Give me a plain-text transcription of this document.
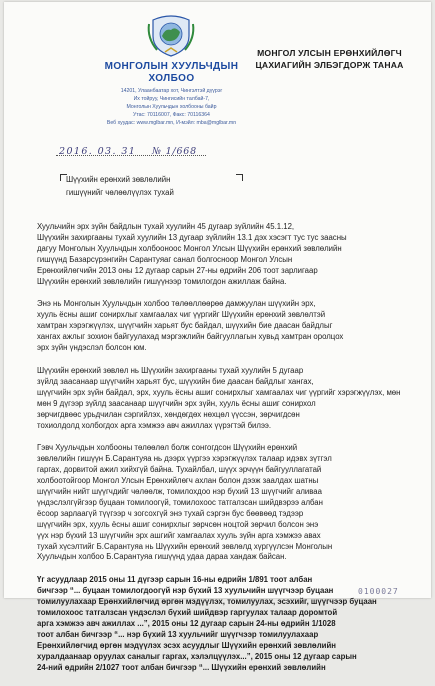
МОНГОЛЫН ХУУЛЬЧДЫН
ХОЛБОО
14201, Улаанбаатар хот, Чингэлтэй дүүрэг
Их тойруу, Чингисийн талбай-7,
Монголын Хуульчдын холбооны байр
Утас: 70116007, Факс: 70116364
Веб хуудас: www.mglbar.mn, И-мэйл: mba@mglbar.mn
МОНГОЛ УЛСЫН ЕРӨНХИЙЛӨГЧ
ЦАХИАГИЙН ЭЛБЭГДОРЖ ТАНАА
2016. 03. 31 № 1/668
Шүүхийн ерөнхий зөвлөлийн
гишүүнийг чөлөөлүүлэх тухай
Хуульчийн эрх зүйн байдлын тухай хуулийн 45 дугаар зүйлийн 45.1.12,
Шүүхийн захиргааны тухай хуулийн 13 дугаар зүйлийн 13.1 дэх хэсэгт тус тус заасны
дагуу Монголын Хуульчдын холбооноос Монгол Улсын Шүүхийн ерөнхий зөвлөлийн
гишүүнд Базарсүрэнгийн Сарантуяаг санал болгосноор Монгол Улсын
Ерөнхийлөгчийн 2013 оны 12 дугаар сарын 27-ны өдрийн 206 тоот зарлигаар
Шүүхийн ерөнхий зөвлөлийн гишүүнээр томилогдон ажиллаж байна.
Энэ нь Монголын Хуульчдын холбоо төлөөллөөрөө дамжуулан шүүхийн эрх,
хууль ёсны ашиг сонирхлыг хамгаалах чиг үүргийг Шүүхийн ерөнхий зөвлөлтэй
хамтран хэрэгжүүлэх, шүүгчийн харьят бус байдал, шүүхийн бие даасан байдлыг
хангах ажлыг зохион байгуулахад мэргэжлийн байгууллагын хувьд хамтран оролцох
эрх зүйн үндэслэл болсон юм.
Шүүхийн ерөнхий зөвлөл нь Шүүхийн захиргааны тухай хуулийн 5 дугаар
зүйлд заасанаар шүүгчийн харьят бус, шүүхийн бие даасан байдлыг хангах,
шүүгчийн эрх зүйн байдал, эрх, хууль ёсны ашиг сонирхлыг хамгаалах чиг үүргийг хэрэгжүүлэх, мөн
мөн 9 дүгээр зүйлд заасанаар шүүгчийн эрх зүйн, хууль ёсны ашиг сонирхол
зөрчигдвөөс урьдчилан сэргийлэх, хөндөгдөх нөхцөл үүссэн, зөрчигдсөн
тохиолдолд холбогдох арга хэмжээ авч ажиллах үүрэгтэй билээ.
Гэвч Хуульчдын холбооны төлөөлөл болж сонгогдсон Шүүхийн ерөнхий
зөвлөлийн гишүүн Б.Сарантуяа нь дээрх үүргээ хэрэгжүүлэх талаар идэвх зүтгэл
гаргах, дорвитой ажил хийхгүй байна. Тухайлбал, шүүх эрчүүн байгууллагатай
холбоотойгоор Монгол Улсын Ерөнхийлөгч ахлан болон дээж заалдах шатны
шүүгчийн нийт шүүгчдийг чөлөөлж, томилохдоо нэр бүхий 13 шүүгчийг аливаа
үндэслэлгүйгээр буцаан томилоогүй, томилохоос татгалзсан шийдвэрээ албан
ёсоор зарлаагүй түүгээр ч зогсохгүй энэ тухай сэргэн бус бөөвөөд тэдээр
шүүгчийн эрх, хууль ёсны ашиг сонирхлыг зөрчсөн ноцтой зөрчил болсон энэ
үүх нэр бүхий 13 шүүгчийн эрх ашгийг хамгаалах хууль зүйн арга хэмжээ авах
тухай хүсэлтийг Б.Сарантуяа нь Шүүхийн ерөнхий зөвлөлд хүргүүлсэн Монголын
Хуульчдын холбоо Б.Сарантуяа гишүүнд удаа дараа хандаж байсан.
Үг асуудлаар 2015 оны 11 дүгээр сарын 16-ны өдрийн 1/891 тоот албан
бичгээр “... буцаан томилогдоогүй нэр бүхий 13 хуульчийн шүүгчээр буцаан
томилуулахаар Ерөнхийлөгчид өргөн мэдүүлэх, томилуулах, эсэхийг, шүүгчээр буцаан
томилохоос татгалзсан үндэслэл бүхий шийдвэр гаргуулах талаар доромтой
арга хэмжээ авч ажиллах ...”, 2015 оны 12 дугаар сарын 24-ны өдрийн 1/1028
тоот албан бичгээр “... нэр бүхий 13 хуульчийг шүүгчээр томилуулахаар
Ерөнхийлөгчид өргөн мэдүүлэх эсэх асуудлыг Шүүхийн ерөнхий зөвлөлийн
хуралдаанаар оруулах саналыг гаргах, хэлэлцүүлэх...”, 2015 оны 12 дугаар сарын
24-ний өдрийн 2/1027 тоот албан бичгээр “... Шүүхийн ерөнхий зөвлөлийн
0100027
